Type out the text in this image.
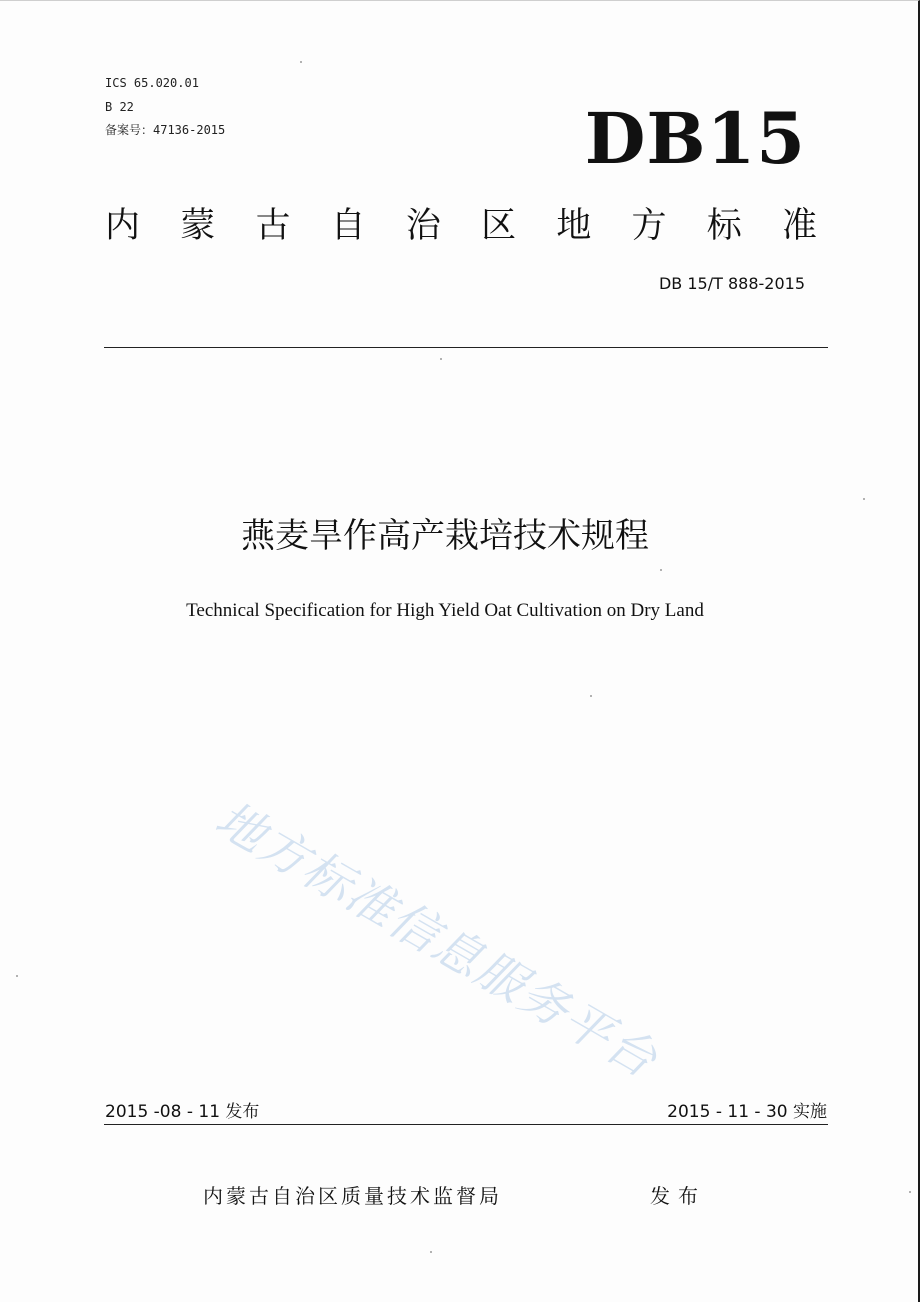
ICS 65.020.01
B 22
备案号：47136-2015	DB15
内 蒙 古 自 治 区 地 方 标 准
DB 15/T 888-2015
燕麦旱作高产栽培技术规程
Technical Specification for High Yield Oat Cultivation on Dry Land
地方标准信息服务平台
2015 -08 - 11 发布	2015 - 11 - 30 实施
内蒙古自治区质量技术监督局	发布
